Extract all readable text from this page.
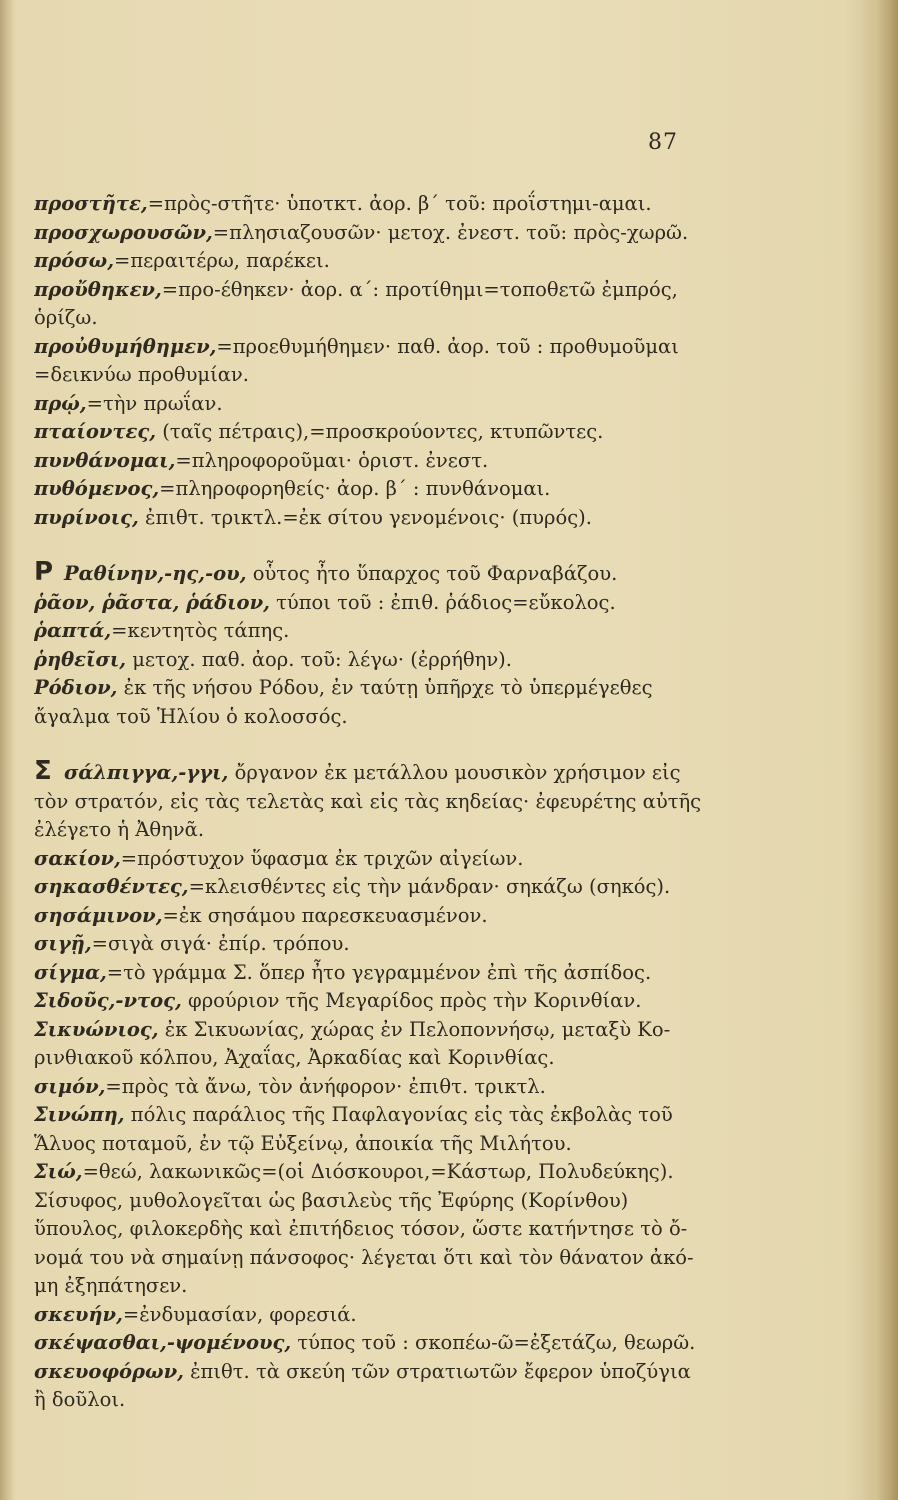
87
προστῆτε,=πρὸς-στῆτε· ὑποτκτ. ἀορ. β΄ τοῦ: προΐστημι-αμαι.
προσχωρουσῶν,=πλησιαζουσῶν· μετοχ. ἐνεστ. τοῦ: πρὸς-χωρῶ.
πρόσω,=περαιτέρω, παρέκει.
προὔθηκεν,=προ-έθηκεν· ἀορ. α΄: προτίθημι=τοποθετῶ ἐμπρός,
ὁρίζω.
προὐθυμήθημεν,=προεθυμήθημεν· παθ. ἀορ. τοῦ : προθυμοῦμαι
=δεικνύω προθυμίαν.
πρῴ,=τὴν πρωΐαν.
πταίοντες, (ταῖς πέτραις),=προσκρούοντες, κτυπῶντες.
πυνθάνομαι,=πληροφοροῦμαι· ὁριστ. ἐνεστ.
πυθόμενος,=πληροφορηθείς· ἀορ. β΄ : πυνθάνομαι.
πυρίνοις, ἐπιθτ. τρικτλ.=ἐκ σίτου γενομένοις· (πυρός).
Ρ Ραθίνην,-ης,-ου, οὗτος ἦτο ὕπαρχος τοῦ Φαρναβάζου.
ῥᾶον, ῥᾶστα, ῥάδιον, τύποι τοῦ : ἐπιθ. ῥάδιος=εὔκολος.
ῥαπτά,=κεντητὸς τάπης.
ῥηθεῖσι, μετοχ. παθ. ἀορ. τοῦ: λέγω· (ἐρρήθην).
Ρόδιον, ἐκ τῆς νήσου Ρόδου, ἐν ταύτῃ ὑπῆρχε τὸ ὑπερμέγεθες
ἄγαλμα τοῦ Ἡλίου ὁ κολοσσός.
Σ σάλπιγγα,-γγι, ὄργανον ἐκ μετάλλου μουσικὸν χρήσιμον εἰς
τὸν στρατόν, εἰς τὰς τελετὰς καὶ εἰς τὰς κηδείας· ἐφευρέτης αὐτῆς
ἐλέγετο ἡ Ἀθηνᾶ.
σακίον,=πρόστυχον ὕφασμα ἐκ τριχῶν αἰγείων.
σηκασθέντες,=κλεισθέντες εἰς τὴν μάνδραν· σηκάζω (σηκός).
σησάμινον,=ἐκ σησάμου παρεσκευασμένον.
σιγῇ,=σιγὰ σιγά· ἐπίρ. τρόπου.
σίγμα,=τὸ γράμμα Σ. ὅπερ ἦτο γεγραμμένον ἐπὶ τῆς ἀσπίδος.
Σιδοῦς,-ντος, φρούριον τῆς Μεγαρίδος πρὸς τὴν Κορινθίαν.
Σικυώνιος, ἐκ Σικυωνίας, χώρας ἐν Πελοποννήσῳ, μεταξὺ Κο-
ρινθιακοῦ κόλπου, Ἀχαΐας, Ἀρκαδίας καὶ Κορινθίας.
σιμόν,=πρὸς τὰ ἄνω, τὸν ἀνήφορον· ἐπιθτ. τρικτλ.
Σινώπη, πόλις παράλιος τῆς Παφλαγονίας εἰς τὰς ἐκβολὰς τοῦ
Ἅλυος ποταμοῦ, ἐν τῷ Εὐξείνῳ, ἀποικία τῆς Μιλήτου.
Σιώ,=θεώ, λακωνικῶς=(οἱ Διόσκουροι,=Κάστωρ, Πολυδεύκης).
Σίσυφος, μυθολογεῖται ὡς βασιλεὺς τῆς Ἐφύρης (Κορίνθου)
ὕπουλος, φιλοκερδὴς καὶ ἐπιτήδειος τόσον, ὥστε κατήντησε τὸ ὄ-
νομά του νὰ σημαίνῃ πάνσοφος· λέγεται ὅτι καὶ τὸν θάνατον ἀκό-
μη ἐξηπάτησεν.
σκευήν,=ἐνδυμασίαν, φορεσιά.
σκέψασθαι,-ψομένους, τύπος τοῦ : σκοπέω-ῶ=ἐξετάζω, θεωρῶ.
σκευοφόρων, ἐπιθτ. τὰ σκεύη τῶν στρατιωτῶν ἔφερον ὑποζύγια
ἢ δοῦλοι.
